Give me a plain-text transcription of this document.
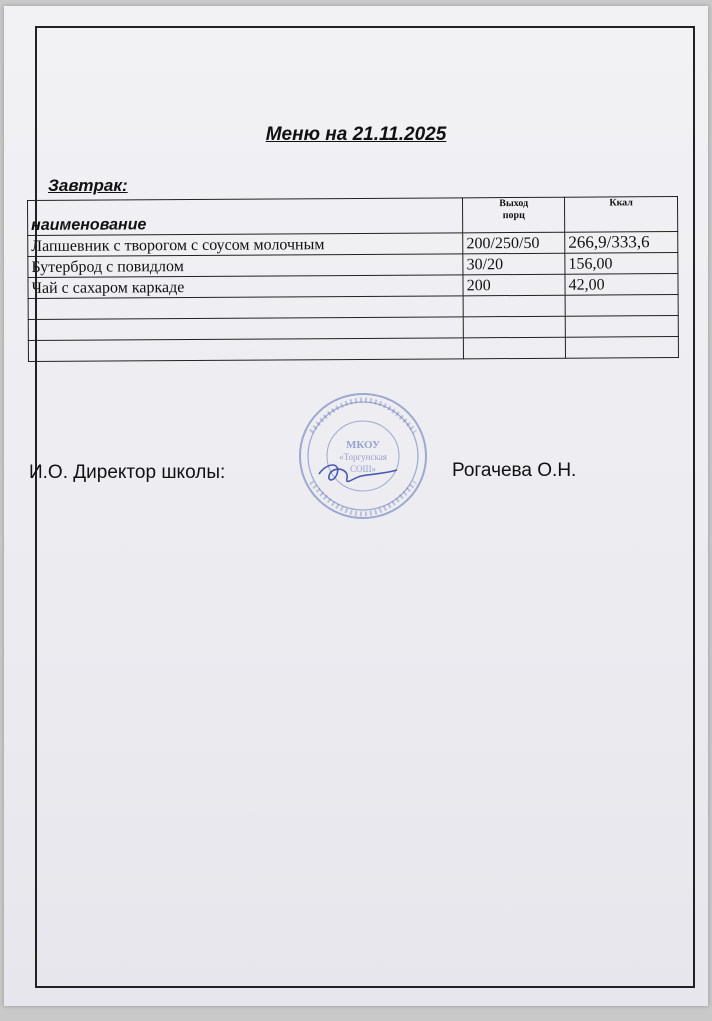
Меню на 21.11.2025
Завтрак:
наименование	Выход порц	Ккал
Лапшевник с творогом с соусом молочным	200/250/50	266,9/333,6
Бутерброд с повидлом	30/20	156,00
Чай с сахаром каркаде	200	42,00

И.О. Директор школы:	Рогачева О.Н.
МКОУ
«Торгунская
СОШ»
